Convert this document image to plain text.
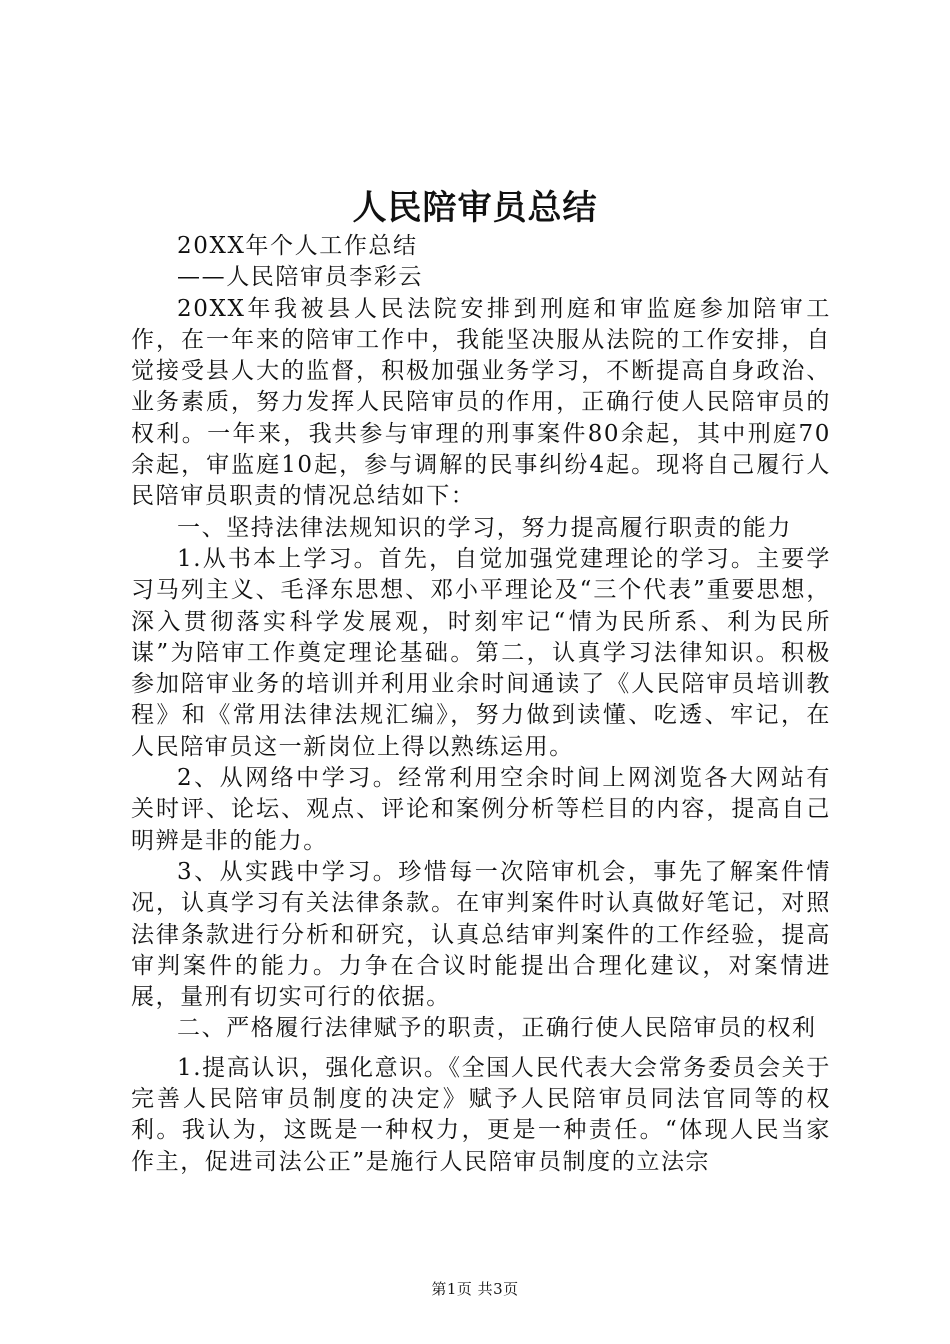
人民陪审员总结

20XX年个人工作总结

——人民陪审员李彩云

20XX年我被县人民法院安排到刑庭和审监庭参加陪审工作，在一年来的陪审工作中，我能坚决服从法院的工作安排，自觉接受县人大的监督，积极加强业务学习，不断提高自身政治、业务素质，努力发挥人民陪审员的作用，正确行使人民陪审员的权利。一年来，我共参与审理的刑事案件80余起，其中刑庭70余起，审监庭10起，参与调解的民事纠纷4起。现将自己履行人民陪审员职责的情况总结如下：

一、坚持法律法规知识的学习，努力提高履行职责的能力

1.从书本上学习。首先，自觉加强党建理论的学习。主要学习马列主义、毛泽东思想、邓小平理论及“三个代表”重要思想，深入贯彻落实科学发展观，时刻牢记“情为民所系、利为民所谋”为陪审工作奠定理论基础。第二，认真学习法律知识。积极参加陪审业务的培训并利用业余时间通读了《人民陪审员培训教程》和《常用法律法规汇编》，努力做到读懂、吃透、牢记，在人民陪审员这一新岗位上得以熟练运用。

2、从网络中学习。经常利用空余时间上网浏览各大网站有关时评、论坛、观点、评论和案例分析等栏目的内容，提高自己明辨是非的能力。

3、从实践中学习。珍惜每一次陪审机会，事先了解案件情况，认真学习有关法律条款。在审判案件时认真做好笔记，对照法律条款进行分析和研究，认真总结审判案件的工作经验，提高审判案件的能力。力争在合议时能提出合理化建议，对案情进展，量刑有切实可行的依据。

二、严格履行法律赋予的职责，正确行使人民陪审员的权利

1.提高认识，强化意识。《全国人民代表大会常务委员会关于完善人民陪审员制度的决定》赋予人民陪审员同法官同等的权利。我认为，这既是一种权力，更是一种责任。“体现人民当家作主，促进司法公正”是施行人民陪审员制度的立法宗

第1页 共3页
